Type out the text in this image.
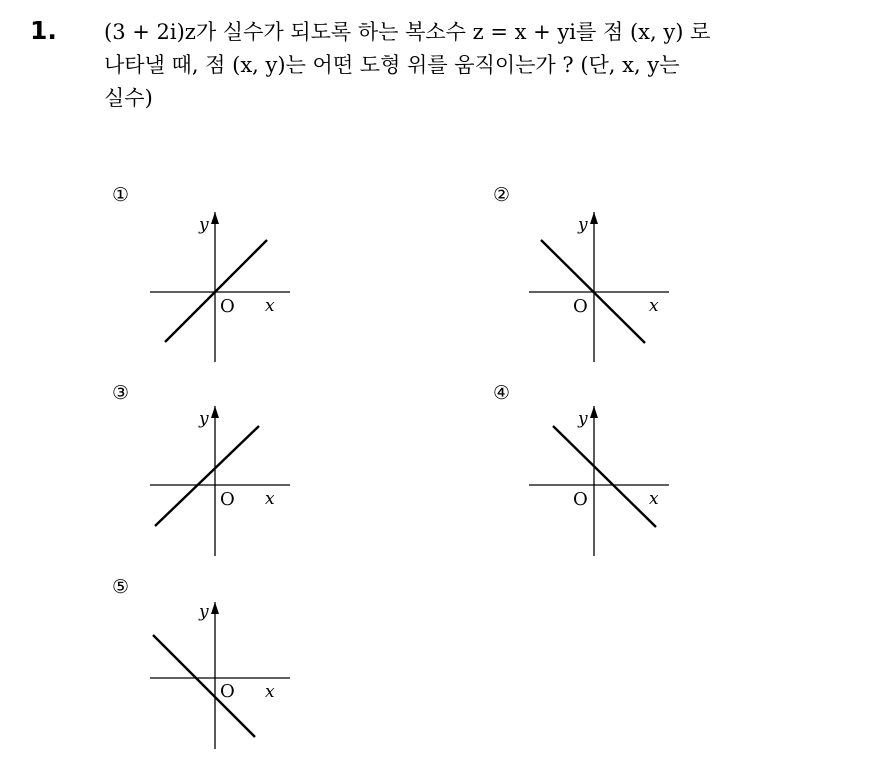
1. (3 + 2i)z가 실수가 되도록 하는 복소수 z = x + yi를 점 (x, y) 로
나타낼 때, 점 (x, y)는 어떤 도형 위를 움직이는가 ? (단, x, y는
실수)
①
y
x
O
②
y
x
O
③
y
x
O
④
y
x
O
⑤
y
x
O
